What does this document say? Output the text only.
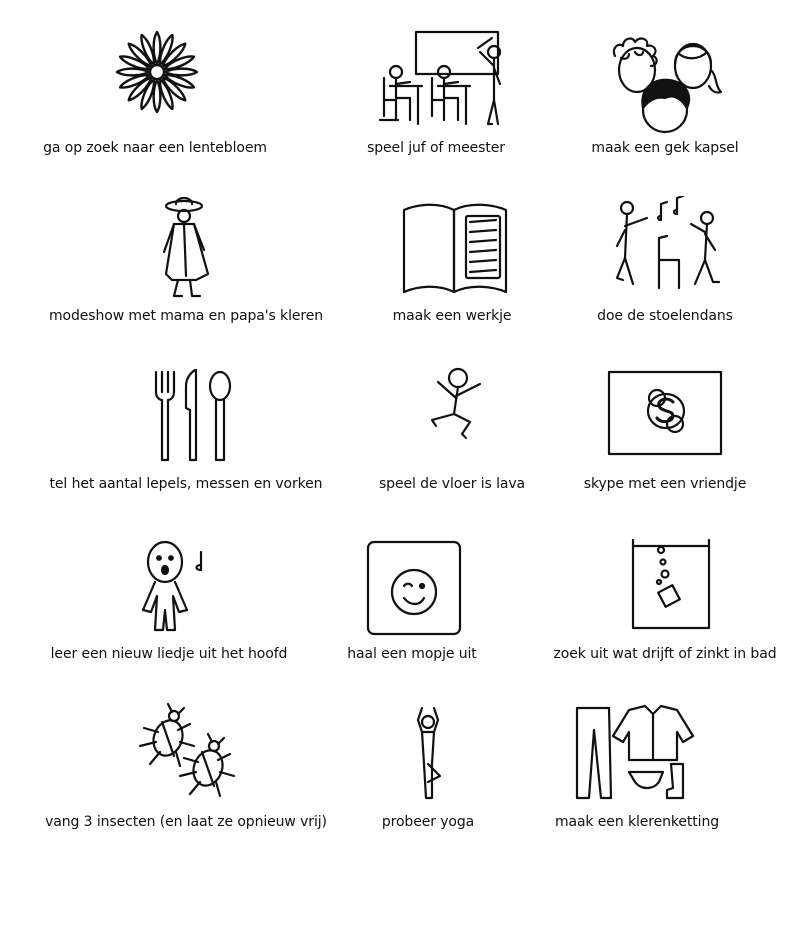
ga op zoek naar een lentebloem	speel juf of meester	maak een gek kapsel
modeshow met mama en papa's kleren	maak een werkje	doe de stoelendans
tel het aantal lepels, messen en vorken	speel de vloer is lava	skype met een vriendje
leer een nieuw liedje uit het hoofd	haal een mopje uit	zoek uit wat drijft of zinkt in bad
vang 3 insecten (en laat ze opnieuw vrij)	probeer yoga	maak een klerenketting
